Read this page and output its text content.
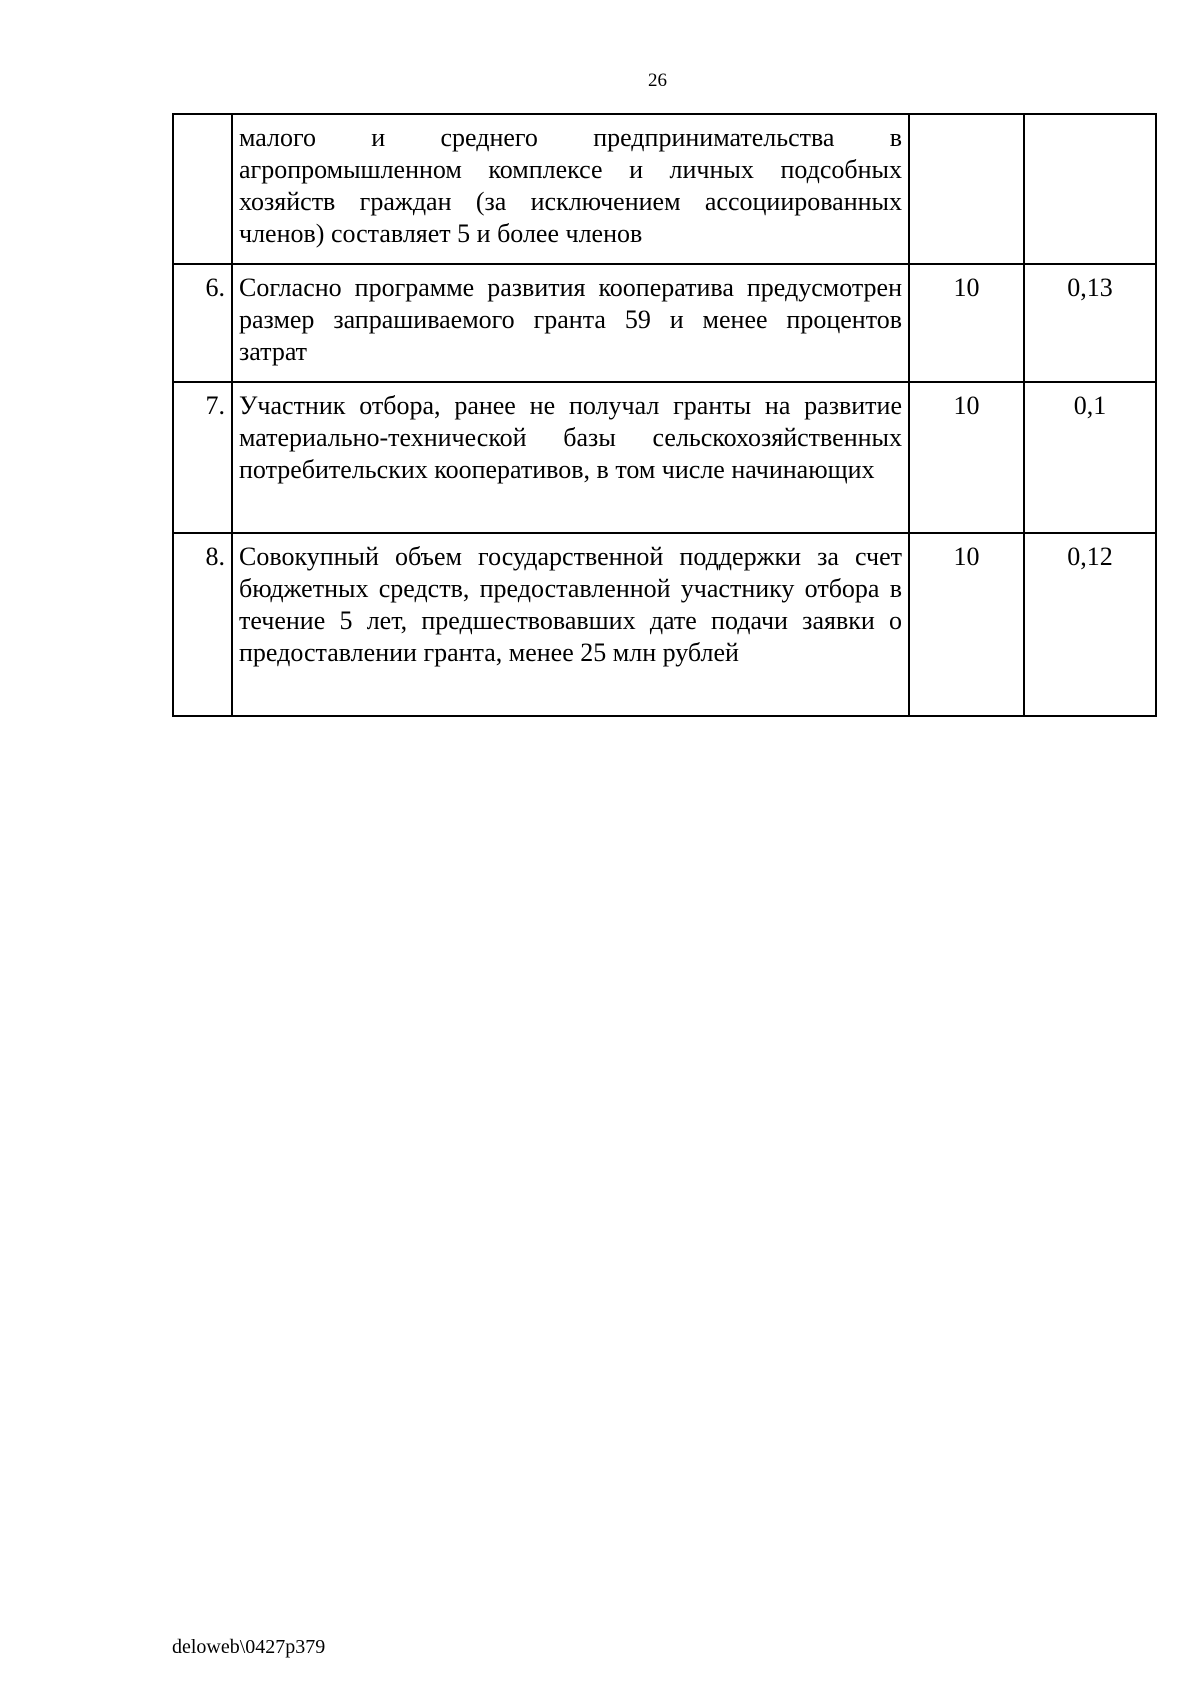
26
	малого и среднего предпринимательства в агропромышленном комплексе и личных подсобных хозяйств граждан (за исключением ассоциированных членов) составляет 5 и более членов		
6.	Согласно программе развития кооператива предусмотрен размер запрашиваемого гранта 59 и менее процентов затрат	10	0,13
7.	Участник отбора, ранее не получал гранты на развитие материально-технической базы сельскохозяйственных потребительских кооперативов, в том числе начинающих	10	0,1
8.	Совокупный объем государственной поддержки за счет бюджетных средств, предоставленной участнику отбора в течение 5 лет, предшествовавших дате подачи заявки о предоставлении гранта, менее 25 млн рублей	10	0,12
deloweb\0427p379
